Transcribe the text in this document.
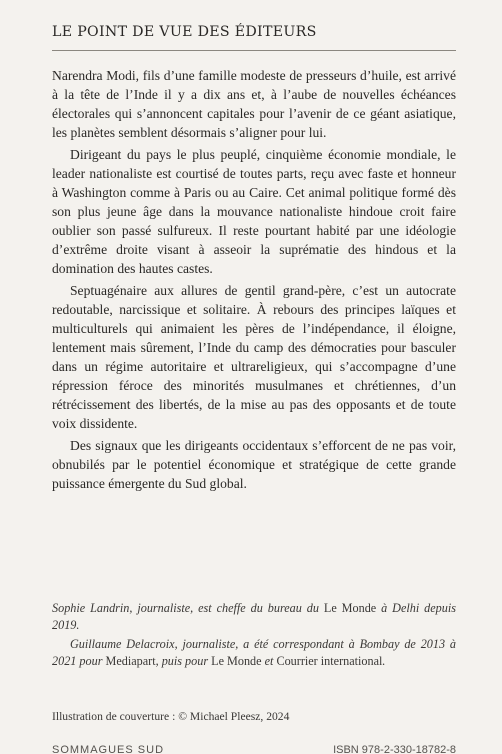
LE POINT DE VUE DES ÉDITEURS

Narendra Modi, fils d’une famille modeste de presseurs d’huile, est arrivé à la tête de l’Inde il y a dix ans et, à l’aube de nouvelles échéances électorales qui s’annoncent capitales pour l’avenir de ce géant asiatique, les planètes semblent désormais s’aligner pour lui.

Dirigeant du pays le plus peuplé, cinquième économie mondiale, le leader nationaliste est courtisé de toutes parts, reçu avec faste et honneur à Washington comme à Paris ou au Caire. Cet animal politique formé dès son plus jeune âge dans la mouvance nationaliste hindoue croit faire oublier son passé sulfureux. Il reste pourtant habité par une idéologie d’extrême droite visant à asseoir la suprématie des hindous et la domination des hautes castes.

Septuagénaire aux allures de gentil grand-père, c’est un autocrate redoutable, narcissique et solitaire. À rebours des principes laïques et multiculturels qui animaient les pères de l’indépendance, il éloigne, lentement mais sûrement, l’Inde du camp des démocraties pour basculer dans un régime autoritaire et ultrareligieux, qui s’accompagne d’une répression féroce des minorités musulmanes et chrétiennes, d’un rétrécissement des libertés, de la mise au pas des opposants et de toute voix dissidente.

Des signaux que les dirigeants occidentaux s’efforcent de ne pas voir, obnubilés par le potentiel économique et stratégique de cette grande puissance émergente du Sud global.

Sophie Landrin, journaliste, est cheffe du bureau du Le Monde à Delhi depuis 2019.

Guillaume Delacroix, journaliste, a été correspondant à Bombay de 2013 à 2021 pour Mediapart, puis pour Le Monde et Courrier international.

Illustration de couverture : © Michael Pleesz, 2024
SOMMAGUES SUD	ISBN 978-2-330-18782-8
